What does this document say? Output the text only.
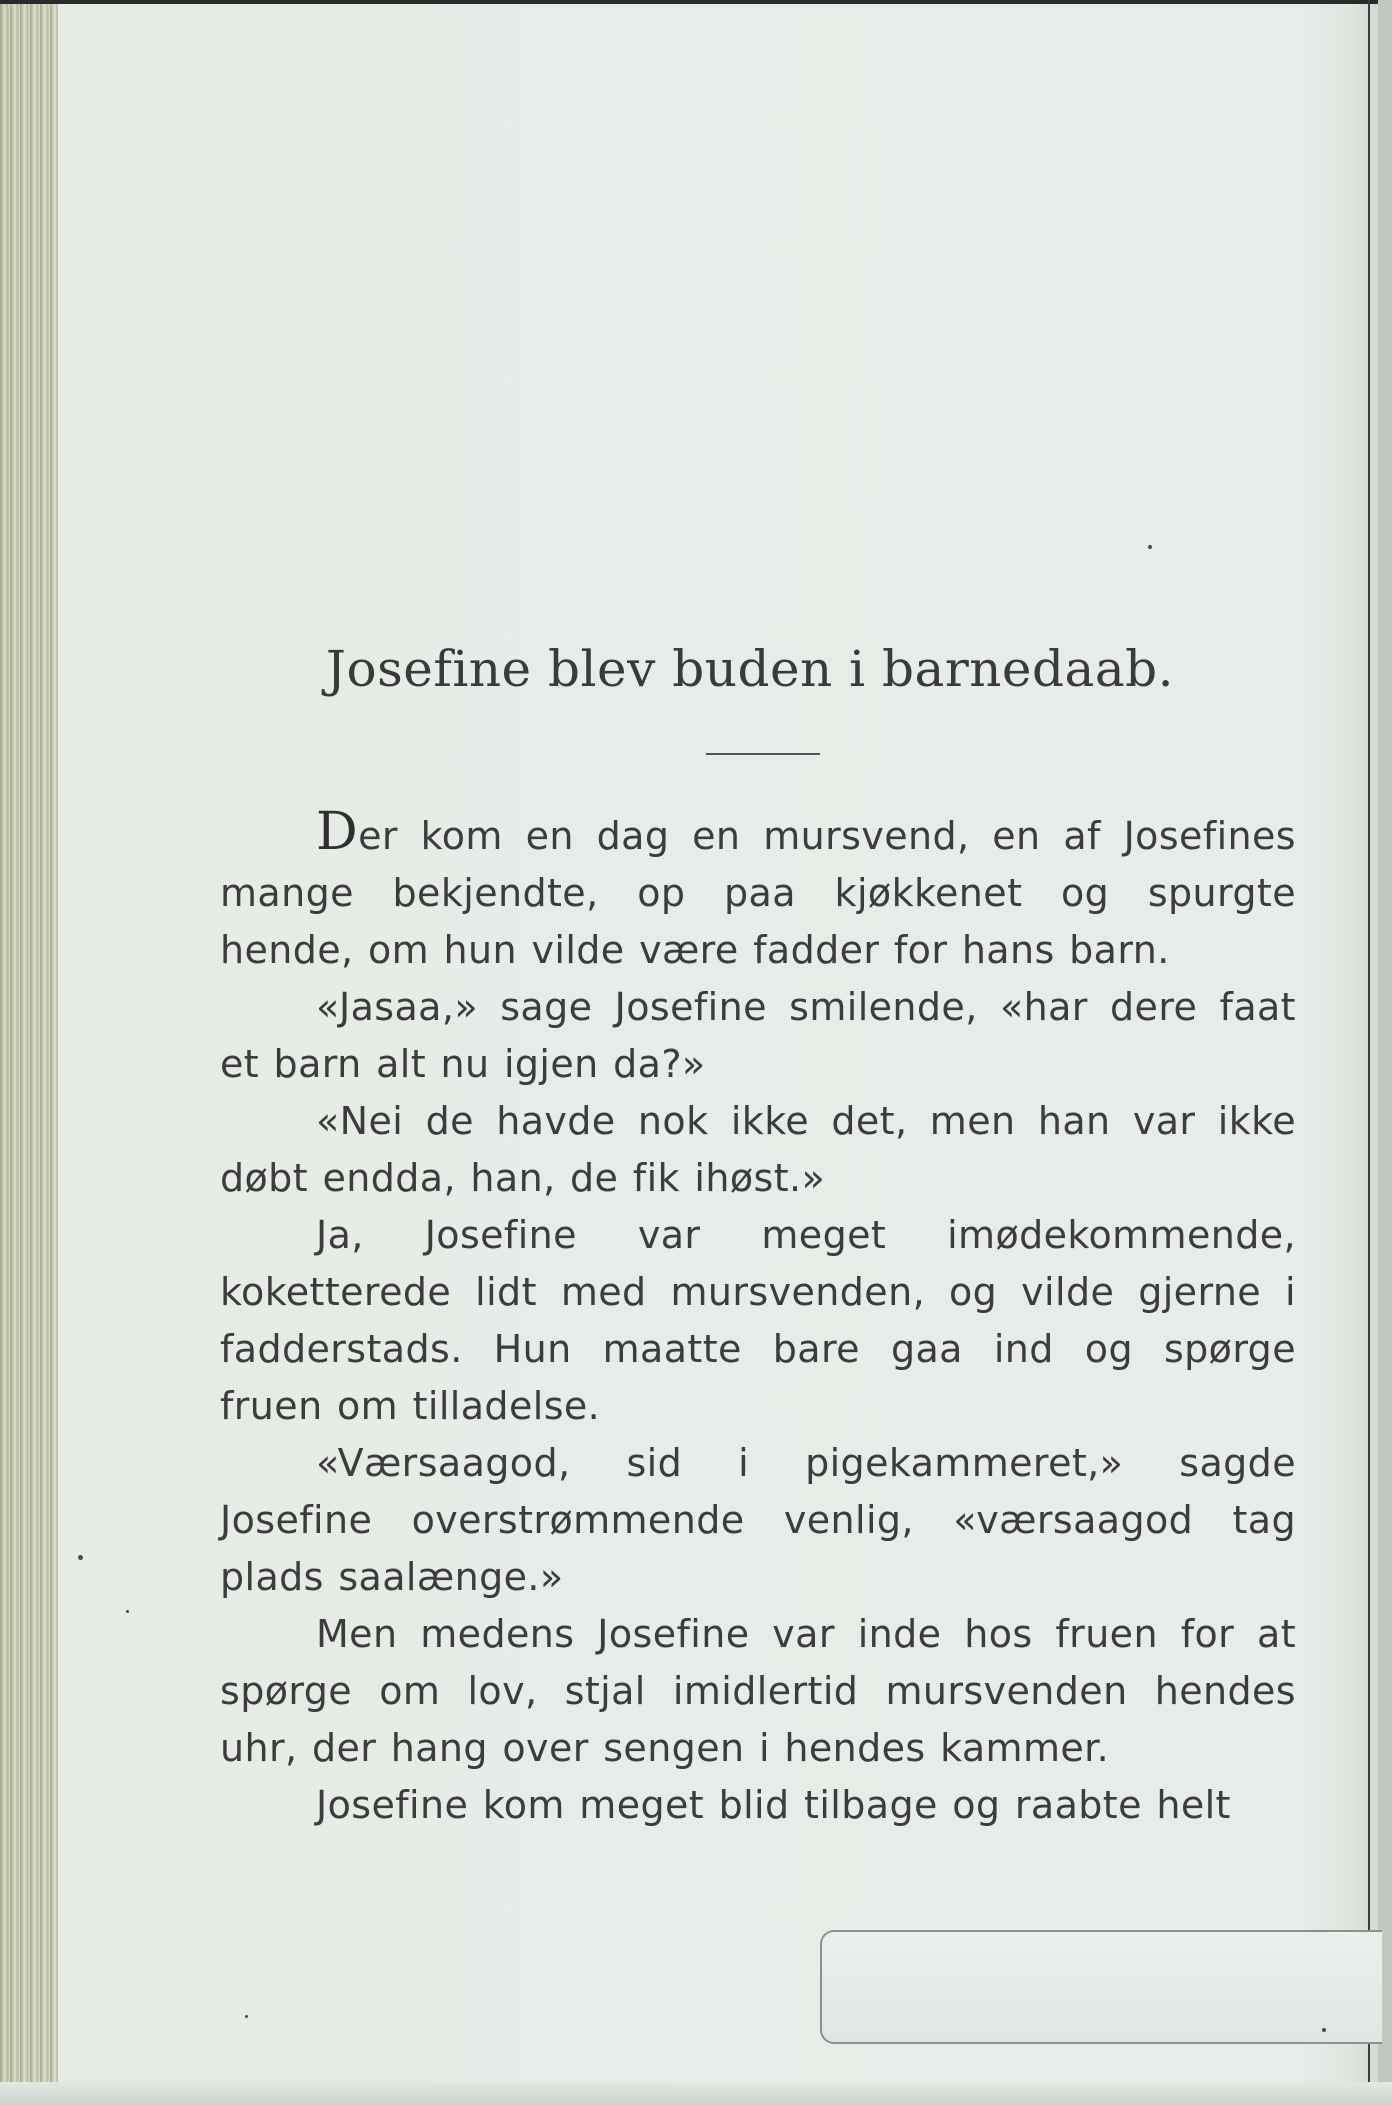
Josefine blev buden i barnedaab.

Der kom en dag en mursvend, en af Josefines mange bekjendte, op paa kjøkkenet og spurgte hende, om hun vilde være fadder for hans barn.

«Jasaa,» sage Josefine smilende, «har dere faat et barn alt nu igjen da?»

«Nei de havde nok ikke det, men han var ikke døbt endda, han, de fik ihøst.»

Ja, Josefine var meget imødekommende, koketterede lidt med mursvenden, og vilde gjerne i fadderstads. Hun maatte bare gaa ind og spørge fruen om tilladelse.

«Værsaagod, sid i pigekammeret,» sagde Josefine overstrømmende venlig, «værsaagod tag plads saalænge.»

Men medens Josefine var inde hos fruen for at spørge om lov, stjal imidlertid mursvenden hendes uhr, der hang over sengen i hendes kammer.

Josefine kom meget blid tilbage og raabte helt
